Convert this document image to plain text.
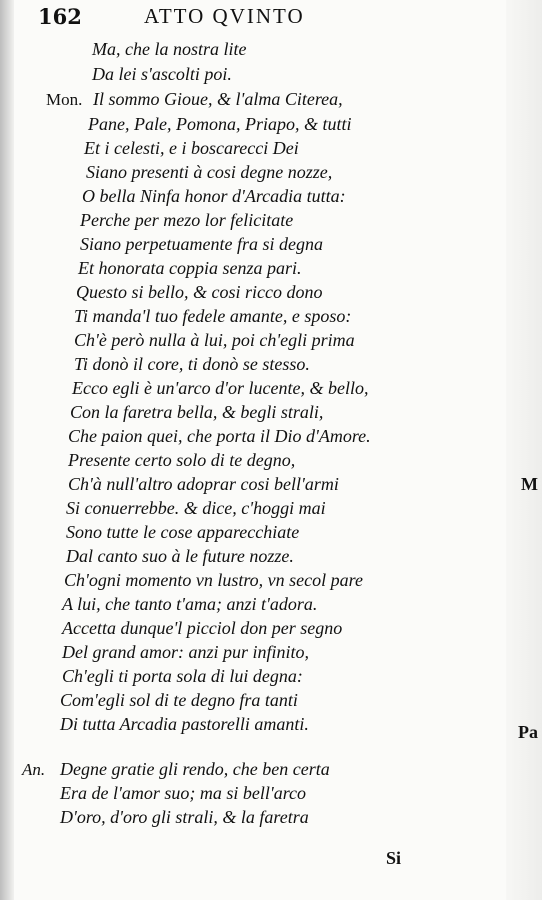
162	ATTO QVINTO
Mon.
An.
Ma, che la nostra lite
Da lei s'ascolti poi.
Il sommo Gioue, & l'alma Citerea,
Pane, Pale, Pomona, Priapo, & tutti
Et i celesti, e i boscarecci Dei
Siano presenti à cosi degne nozze,
O bella Ninfa honor d'Arcadia tutta:
Perche per mezo lor felicitate
Siano perpetuamente fra si degna
Et honorata coppia senza pari.
Questo si bello, & cosi ricco dono
Ti manda'l tuo fedele amante, e sposo:
Ch'è però nulla à lui, poi ch'egli prima
Ti donò il core, ti donò se stesso.
Ecco egli è un'arco d'or lucente, & bello,
Con la faretra bella, & begli strali,
Che paion quei, che porta il Dio d'Amore.
Presente certo solo di te degno,
Ch'à null'altro adoprar cosi bell'armi
Si conuerrebbe. & dice, c'hoggi mai
Sono tutte le cose apparecchiate
Dal canto suo à le future nozze.
Ch'ogni momento vn lustro, vn secol pare
A lui, che tanto t'ama; anzi t'adora.
Accetta dunque'l picciol don per segno
Del grand amor: anzi pur infinito,
Ch'egli ti porta sola di lui degna:
Com'egli sol di te degno fra tanti
Di tutta Arcadia pastorelli amanti.
Degne gratie gli rendo, che ben certa
Era de l'amor suo; ma si bell'arco
D'oro, d'oro gli strali, & la faretra
Si
M
Pa
